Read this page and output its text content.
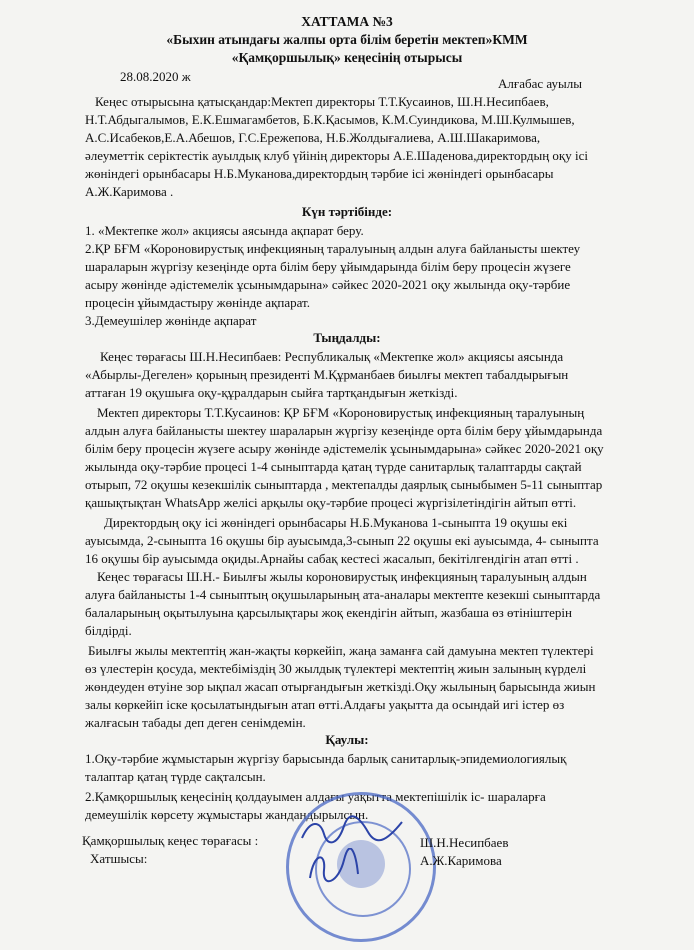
ХАТТАМА №3
«Быхин атындағы жалпы орта білім беретін мектеп»КММ
«Қамқоршылық» кеңесінің отырысы
28.08.2020 ж	Алғабас ауылы
Кеңес отырысына қатысқандар:Мектеп директоры Т.Т.Кусаинов, Ш.Н.Несипбаев,
Н.Т.Абдыгалымов, Е.К.Ешмагамбетов, Б.К.Қасымов, К.М.Суиндикова, М.Ш.Кулмышев,
А.С.Исабеков,Е.А.Абешов, Г.С.Ережепова, Н.Б.Жолдығалиева, А.Ш.Шакаримова,
әлеуметтік серіктестік ауылдық клуб үйінің директоры А.Е.Шаденова,директордың оқу ісі
жөніндегі орынбасары Н.Б.Муканова,директордың тәрбие ісі жөніндегі орынбасары
А.Ж.Каримова .
Күн тәртібінде:
1. «Мектепке жол» акциясы аясында ақпарат беру.
2.ҚР БҒМ «Короновирустық инфекцияның таралуының алдын алуға байланысты шектеу
шараларын жүргізу кезеңінде орта білім беру ұйымдарында білім беру процесін жүзеге
асыру жөнінде әдістемелік ұсынымдарына» сәйкес 2020-2021 оқу жылында оқу-тәрбие
процесін ұйымдастыру жөнінде ақпарат.
3.Демеушілер жөнінде ақпарат
Тыңдалды:
Кеңес төрағасы Ш.Н.Несипбаев: Республикалық «Мектепке жол» акциясы аясында
«Абырлы-Дегелен» қорының президенті М.Құрманбаев биылғы мектеп табалдырығын
аттаған 19 оқушыға оқу-құралдарын сыйға тартқандығын жеткізді.
Мектеп директоры Т.Т.Кусаинов: ҚР БҒМ «Короновирустық инфекцияның таралуының
алдын алуға байланысты шектеу шараларын жүргізу кезеңінде орта білім беру ұйымдарында
білім беру процесін жүзеге асыру жөнінде әдістемелік ұсынымдарына» сәйкес 2020-2021 оқу
жылында оқу-тәрбие процесі 1-4 сыныптарда қатаң түрде санитарлық талаптарды сақтай
отырып, 72 оқушы кезекшілік сыныптарда , мектепалды даярлық сыныбымен 5-11 сыныптар
қашықтықтан WhatsApp желісі арқылы оқу-тәрбие процесі жүргізілетіндігін айтып өтті.
Директордың оқу ісі жөніндегі орынбасары Н.Б.Муканова 1-сыныпта 19 оқушы екі
ауысымда, 2-сыныпта 16 оқушы бір ауысымда,3-сынып 22 оқушы екі ауысымда, 4- сыныпта
16 оқушы бір ауысымда оқиды.Арнайы сабақ кестесі жасалып, бекітілгендігін атап өтті .
Кеңес төрағасы Ш.Н.- Биылғы жылы короновирустық инфекцияның таралуының алдын
алуға байланысты 1-4 сыныптың оқушыларының ата-аналары мектепте кезекші сыныптарда
балаларының оқытылуына қарсылықтары жоқ екендігін айтып, жазбаша өз өтініштерін
білдірді.
Биылғы жылы мектептің жан-жақты көркейіп, жаңа заманға сай дамуына мектеп түлектері
өз үлестерін қосуда, мектебіміздің 30 жылдық түлектері мектептің жиын залының күрделі
жөндеуден өтуіне зор ықпал жасап отырғандығын жеткізді.Оқу жылының барысында жиын
залы көркейіп іске қосылатындығын атап өтті.Алдағы уақытта да осындай игі істер өз
жалғасын табады деп деген сенімдемін.
Қаулы:
1.Оқу-тәрбие жұмыстарын жүргізу барысында барлық санитарлық-эпидемиологиялық
талаптар қатаң түрде сақталсын.
2.Қамқоршылық кеңесінің қолдауымен алдағы уақытта мектепішілік іс- шараларға
демеушілік көрсету жұмыстары жандандырылсын.
Қамқоршылық кеңес төрағасы :	Ш.Н.Несипбаев
Хатшысы:	А.Ж.Каримова
